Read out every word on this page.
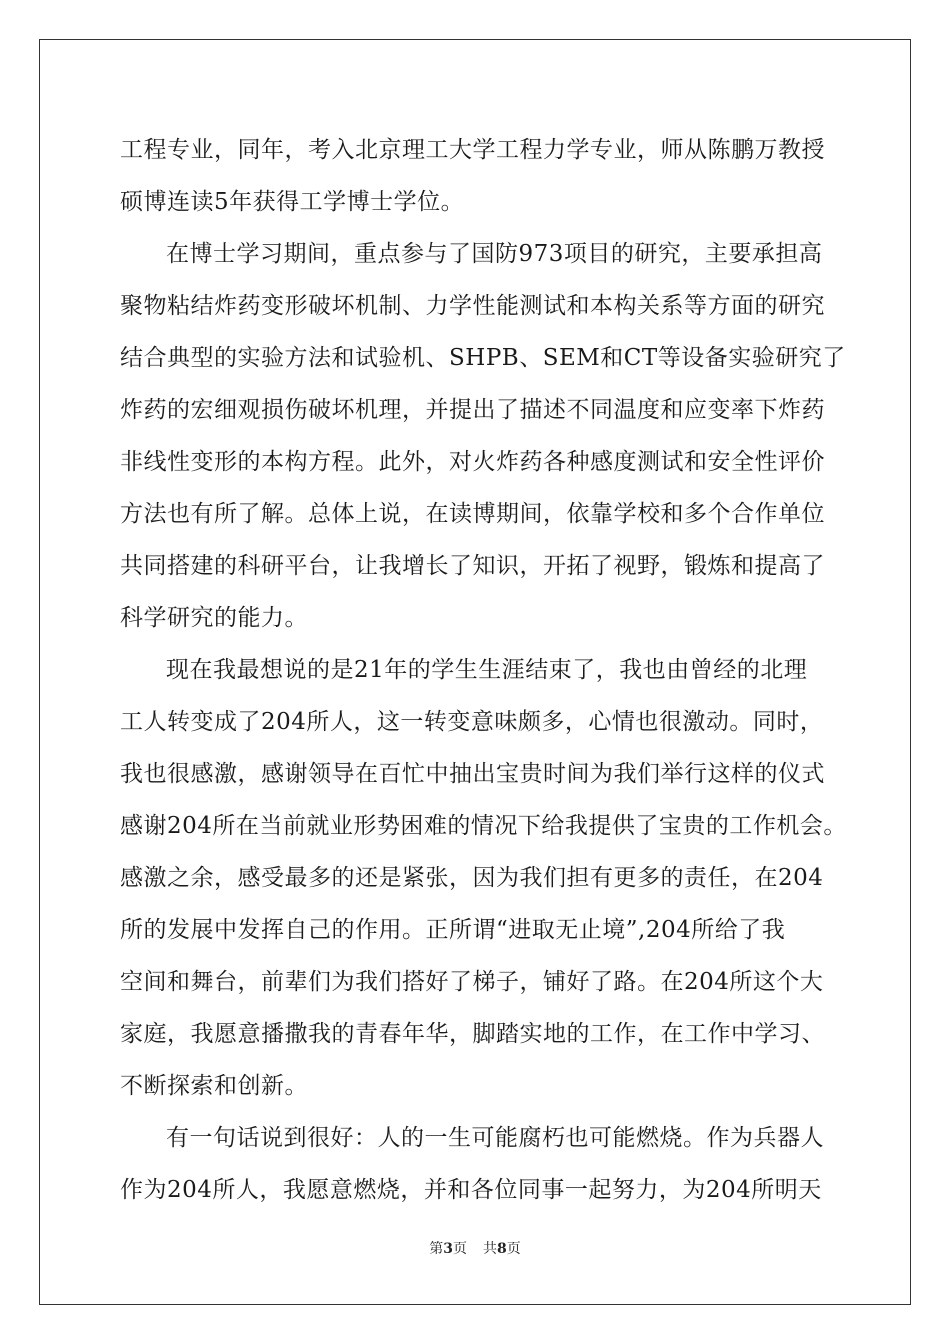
工程专业，同年，考入北京理工大学工程力学专业，师从陈鹏万教授
硕博连读5年获得工学博士学位。
在博士学习期间，重点参与了国防973项目的研究，主要承担高
聚物粘结炸药变形破坏机制、力学性能测试和本构关系等方面的研究
结合典型的实验方法和试验机、SHPB、SEM和CT等设备实验研究了
炸药的宏细观损伤破坏机理，并提出了描述不同温度和应变率下炸药
非线性变形的本构方程。此外，对火炸药各种感度测试和安全性评价
方法也有所了解。总体上说，在读博期间，依靠学校和多个合作单位
共同搭建的科研平台，让我增长了知识，开拓了视野，锻炼和提高了
科学研究的能力。
现在我最想说的是21年的学生生涯结束了，我也由曾经的北理
工人转变成了204所人，这一转变意味颇多，心情也很激动。同时，
我也很感激，感谢领导在百忙中抽出宝贵时间为我们举行这样的仪式
感谢204所在当前就业形势困难的情况下给我提供了宝贵的工作机会。
感激之余，感受最多的还是紧张，因为我们担有更多的责任，在204
所的发展中发挥自己的作用。正所谓“进取无止境”,204所给了我
空间和舞台，前辈们为我们搭好了梯子，铺好了路。在204所这个大
家庭，我愿意播撒我的青春年华，脚踏实地的工作，在工作中学习、
不断探索和创新。
有一句话说到很好：人的一生可能腐朽也可能燃烧。作为兵器人
作为204所人，我愿意燃烧，并和各位同事一起努力，为204所明天
第3页 共8页
